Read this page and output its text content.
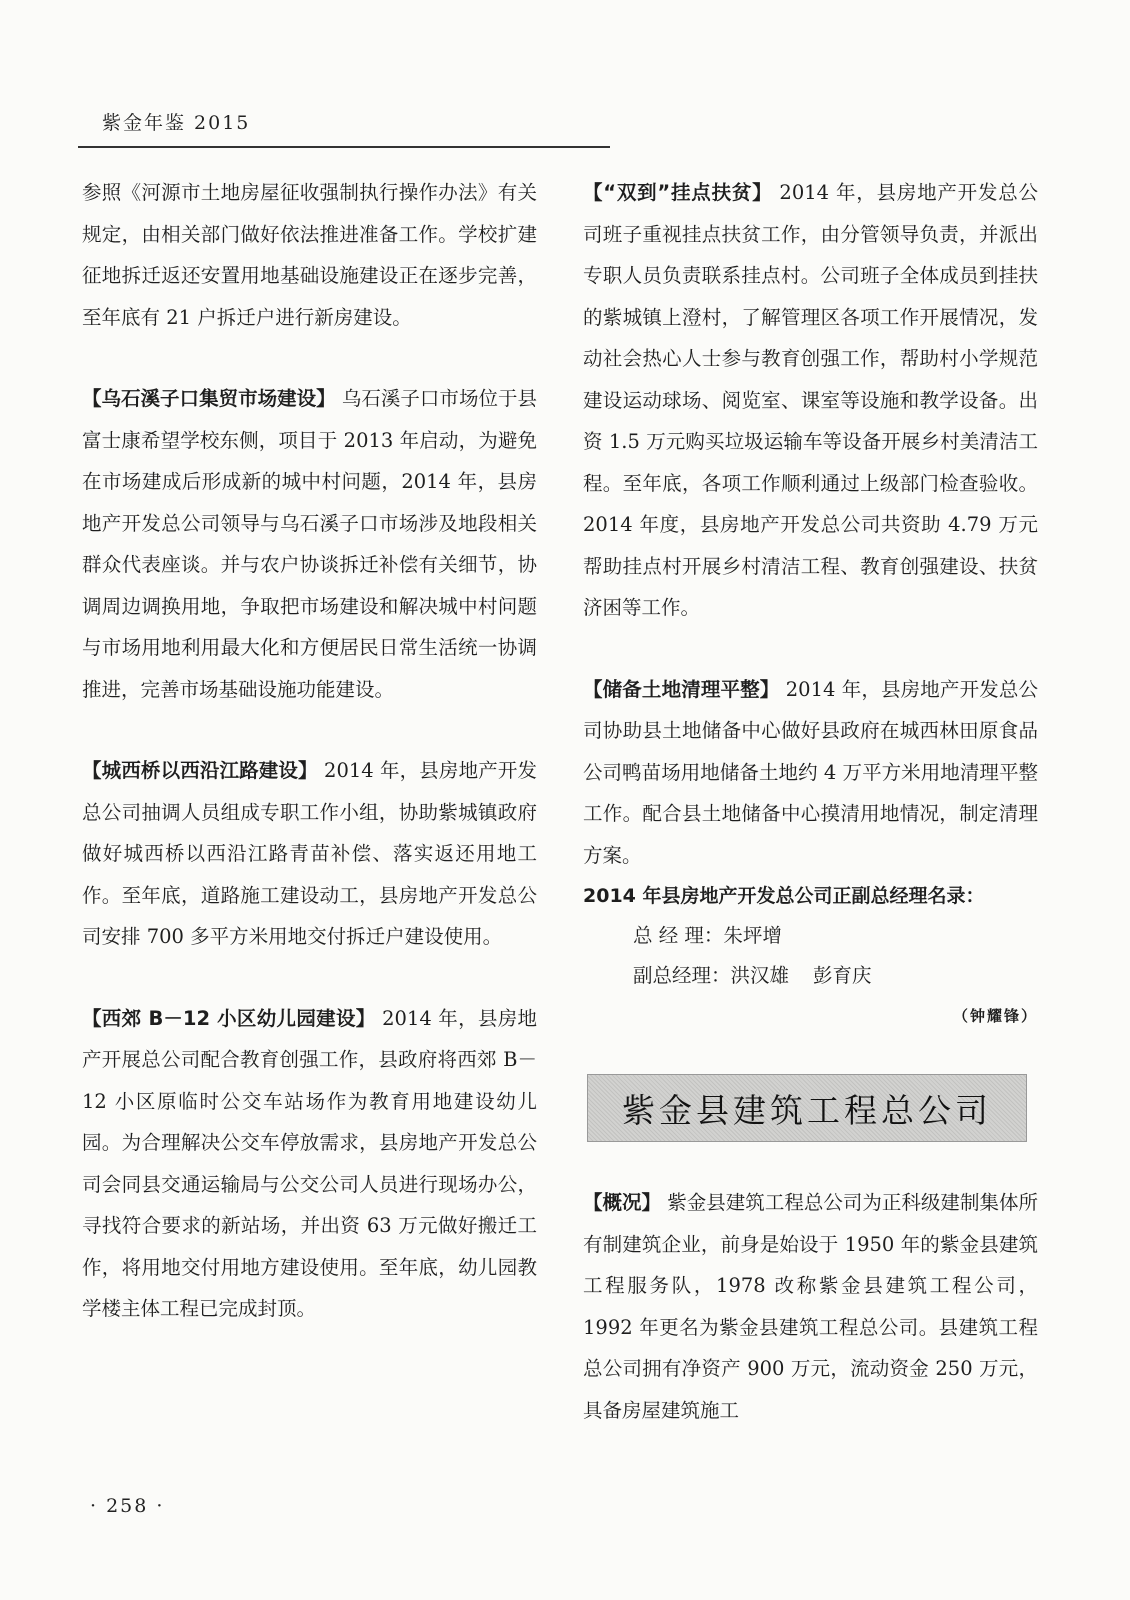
紫金年鉴 2015

参照《河源市土地房屋征收强制执行操作办法》有关规定，由相关部门做好依法推进准备工作。学校扩建征地拆迁返还安置用地基础设施建设正在逐步完善，至年底有 21 户拆迁户进行新房建设。

【乌石溪子口集贸市场建设】 乌石溪子口市场位于县富士康希望学校东侧，项目于 2013 年启动，为避免在市场建成后形成新的城中村问题，2014 年，县房地产开发总公司领导与乌石溪子口市场涉及地段相关群众代表座谈。并与农户协谈拆迁补偿有关细节，协调周边调换用地，争取把市场建设和解决城中村问题与市场用地利用最大化和方便居民日常生活统一协调推进，完善市场基础设施功能建设。

【城西桥以西沿江路建设】 2014 年，县房地产开发总公司抽调人员组成专职工作小组，协助紫城镇政府做好城西桥以西沿江路青苗补偿、落实返还用地工作。至年底，道路施工建设动工，县房地产开发总公司安排 700 多平方米用地交付拆迁户建设使用。

【西郊 B－12 小区幼儿园建设】 2014 年，县房地产开展总公司配合教育创强工作，县政府将西郊 B－12 小区原临时公交车站场作为教育用地建设幼儿园。为合理解决公交车停放需求，县房地产开发总公司会同县交通运输局与公交公司人员进行现场办公，寻找符合要求的新站场，并出资 63 万元做好搬迁工作，将用地交付用地方建设使用。至年底，幼儿园教学楼主体工程已完成封顶。

【“双到”挂点扶贫】 2014 年，县房地产开发总公司班子重视挂点扶贫工作，由分管领导负责，并派出专职人员负责联系挂点村。公司班子全体成员到挂扶的紫城镇上澄村，了解管理区各项工作开展情况，发动社会热心人士参与教育创强工作，帮助村小学规范建设运动球场、阅览室、课室等设施和教学设备。出资 1.5 万元购买垃圾运输车等设备开展乡村美清洁工程。至年底，各项工作顺利通过上级部门检查验收。2014 年度，县房地产开发总公司共资助 4.79 万元帮助挂点村开展乡村清洁工程、教育创强建设、扶贫济困等工作。

【储备土地清理平整】 2014 年，县房地产开发总公司协助县土地储备中心做好县政府在城西林田原食品公司鸭苗场用地储备土地约 4 万平方米用地清理平整工作。配合县土地储备中心摸清用地情况，制定清理方案。

2014 年县房地产开发总公司正副总经理名录：

总 经 理：朱坪增

副总经理：洪汉雄 彭育庆

（钟耀锋）

紫金县建筑工程总公司

【概况】 紫金县建筑工程总公司为正科级建制集体所有制建筑企业，前身是始设于 1950 年的紫金县建筑工程服务队，1978 改称紫金县建筑工程公司，1992 年更名为紫金县建筑工程总公司。县建筑工程总公司拥有净资产 900 万元，流动资金 250 万元，具备房屋建筑施工

· 258 ·
